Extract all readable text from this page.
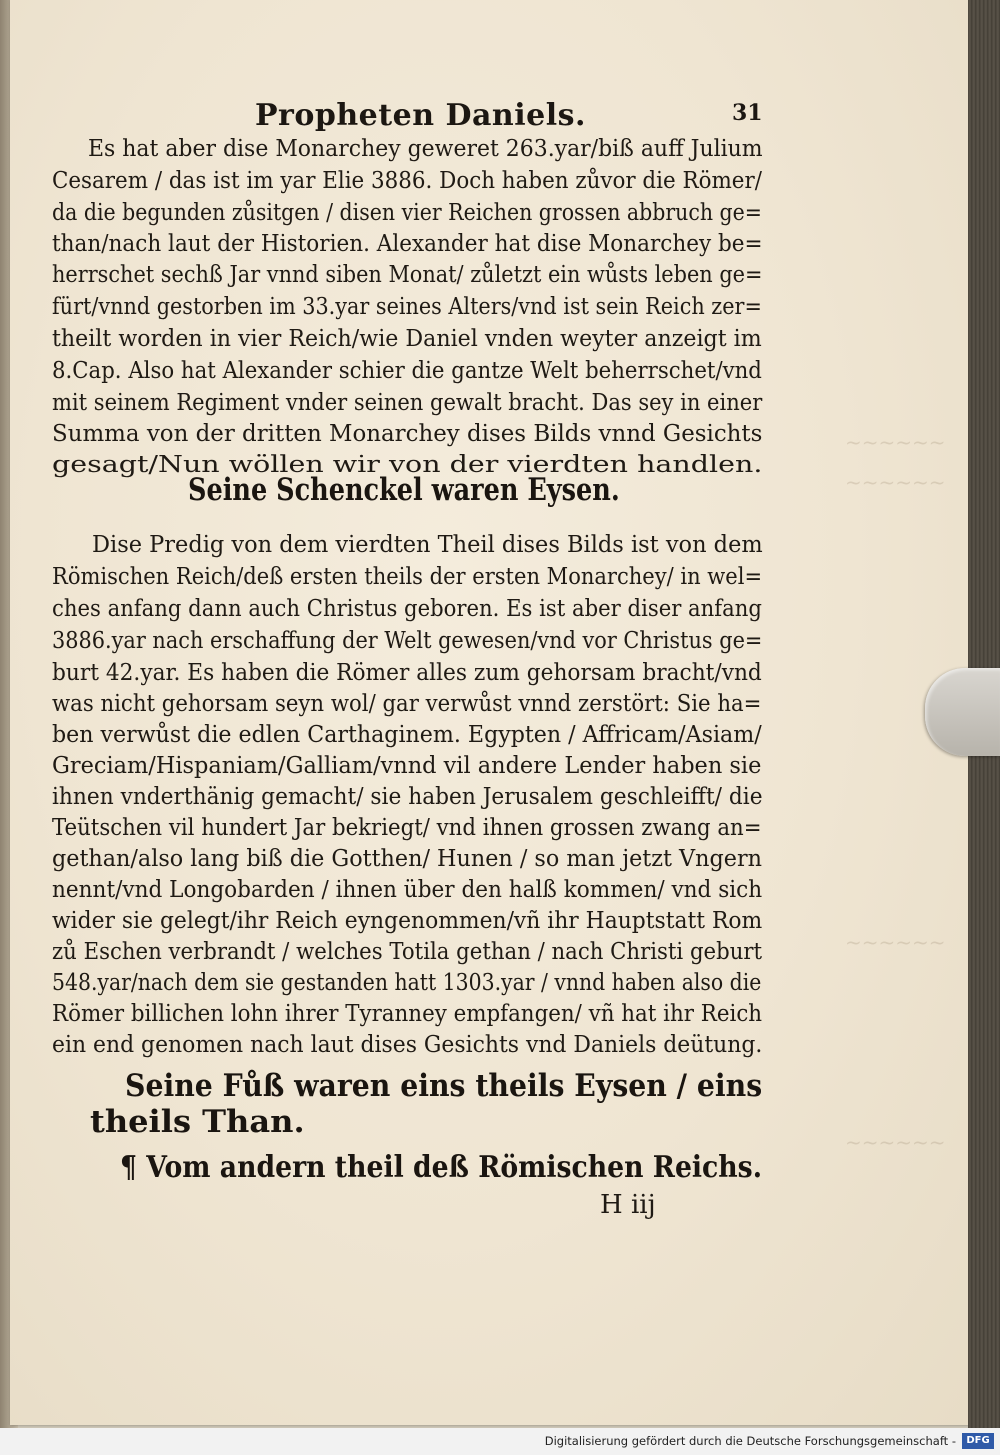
~~~~~~
~~~~~~
~~~~~~
~~~~~~
Propheten Daniels.	31
Es hat aber dise Monarchey gewеret 263.yar/biß auff Julium
Cesarem / das ist im yar Elie 3886. Doch haben zůvor die Römer/
da die begunden zůsitgen / disen vier Reichen grossen abbruch ge=
than/nach laut der Historien. Alexander hat dise Monarchey be=
herrschet sechß Jar vnnd siben Monat/ zůletzt ein wůsts leben ge=
fürt/vnnd gestorben im 33.yar seines Alters/vnd ist sein Reich zer=
theilt worden in vier Reich/wie Daniel vnden weyter anzeigt im
8.Cap. Also hat Alexander schier die gantze Welt beherrschet/vnd
mit seinem Regiment vnder seinen gewalt bracht. Das sey in einer
Summa von der dritten Monarchey dises Bilds vnnd Gesichts
gesagt/Nun wöllen wir von der vierdten handlen.
Seine Schenckel waren Eysen.
Dise Predig von dem vierdten Theil dises Bilds ist von dem
Römischen Reich/deß ersten theils der ersten Monarchey/ in wel=
ches anfang dann auch Christus geboren. Es ist aber diser anfang
3886.yar nach erschaffung der Welt gewesen/vnd vor Christus ge=
burt 42.yar. Es haben die Römer alles zum gehorsam bracht/vnd
was nicht gehorsam seyn wol/ gar verwůst vnnd zerstört: Sie ha=
ben verwůst die edlen Carthaginem. Egypten / Affricam/Asiam/
Greciam/Hispaniam/Galliam/vnnd vil andere Lender haben sie
ihnen vnderthänig gemacht/ sie haben Jerusalem geschleifft/ die
Teütschen vil hundert Jar bekriegt/ vnd ihnen grossen zwang an=
gethan/also lang biß die Gotthen/ Hunen / so man jetzt Vngern
nennt/vnd Longobarden / ihnen über den halß kommen/ vnd sich
wider sie gelegt/ihr Reich eyngenommen/vñ ihr Hauptstatt Rom
zů Eschen verbrandt / welches Totila gethan / nach Christi geburt
548.yar/nach dem sie gestanden hatt 1303.yar / vnnd haben also die
Römer billichen lohn ihrer Tyranney empfangen/ vñ hat ihr Reich
ein end genomen nach laut dises Gesichts vnd Daniels deütung.
Seine Fůß waren eins theils Eysen / eins
theils Than.
¶ Vom andern theil deß Römischen Reichs.
H iij
Digitalisierung gefördert durch die Deutsche Forschungsgemeinschaft -	DFG
